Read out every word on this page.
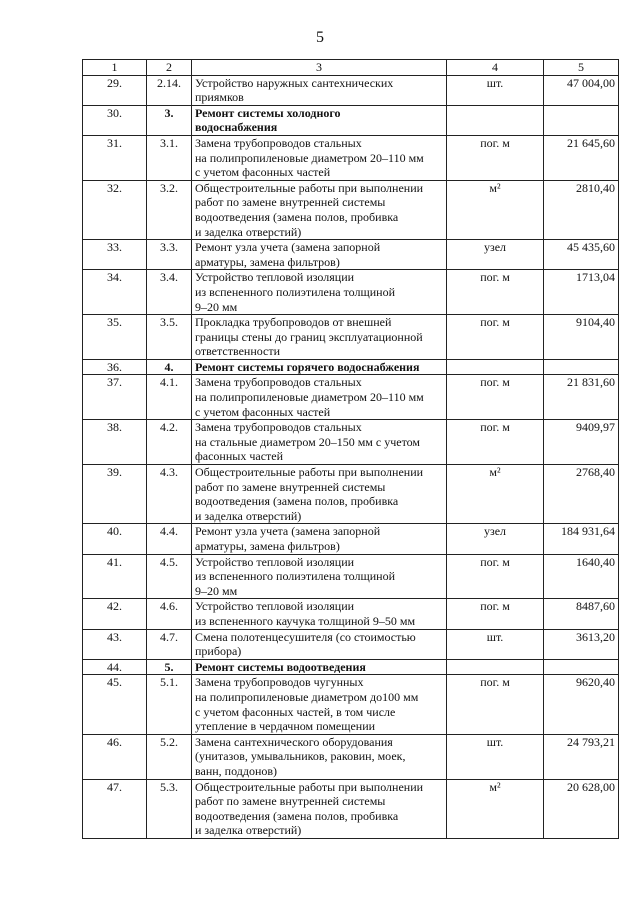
5
1	2	3	4	5
29.	2.14.	Устройство наружных сантехнических
приямков	шт.	47 004,00
30.	3.	Ремонт системы холодного
водоснабжения		
31.	3.1.	Замена трубопроводов стальных
на полипропиленовые диаметром 20–110 мм
с учетом фасонных частей	пог. м	21 645,60
32.	3.2.	Общестроительные работы при выполнении
работ по замене внутренней системы
водоотведения (замена полов, пробивка
и заделка отверстий)	м²	2810,40
33.	3.3.	Ремонт узла учета (замена запорной
арматуры, замена фильтров)	узел	45 435,60
34.	3.4.	Устройство тепловой изоляции
из вспененного полиэтилена толщиной
9–20 мм	пог. м	1713,04
35.	3.5.	Прокладка трубопроводов от внешней
границы стены до границ эксплуатационной
ответственности	пог. м	9104,40
36.	4.	Ремонт системы горячего водоснабжения		
37.	4.1.	Замена трубопроводов стальных
на полипропиленовые диаметром 20–110 мм
с учетом фасонных частей	пог. м	21 831,60
38.	4.2.	Замена трубопроводов стальных
на стальные диаметром 20–150 мм с учетом
фасонных частей	пог. м	9409,97
39.	4.3.	Общестроительные работы при выполнении
работ по замене внутренней системы
водоотведения (замена полов, пробивка
и заделка отверстий)	м²	2768,40
40.	4.4.	Ремонт узла учета (замена запорной
арматуры, замена фильтров)	узел	184 931,64
41.	4.5.	Устройство тепловой изоляции
из вспененного полиэтилена толщиной
9–20 мм	пог. м	1640,40
42.	4.6.	Устройство тепловой изоляции
из вспененного каучука толщиной 9–50 мм	пог. м	8487,60
43.	4.7.	Смена полотенцесушителя (со стоимостью
прибора)	шт.	3613,20
44.	5.	Ремонт системы водоотведения		
45.	5.1.	Замена трубопроводов чугунных
на полипропиленовые диаметром до100 мм
с учетом фасонных частей, в том числе
утепление в чердачном помещении	пог. м	9620,40
46.	5.2.	Замена сантехнического оборудования
(унитазов, умывальников, раковин, моек,
ванн, поддонов)	шт.	24 793,21
47.	5.3.	Общестроительные работы при выполнении
работ по замене внутренней системы
водоотведения (замена полов, пробивка
и заделка отверстий)	м²	20 628,00
